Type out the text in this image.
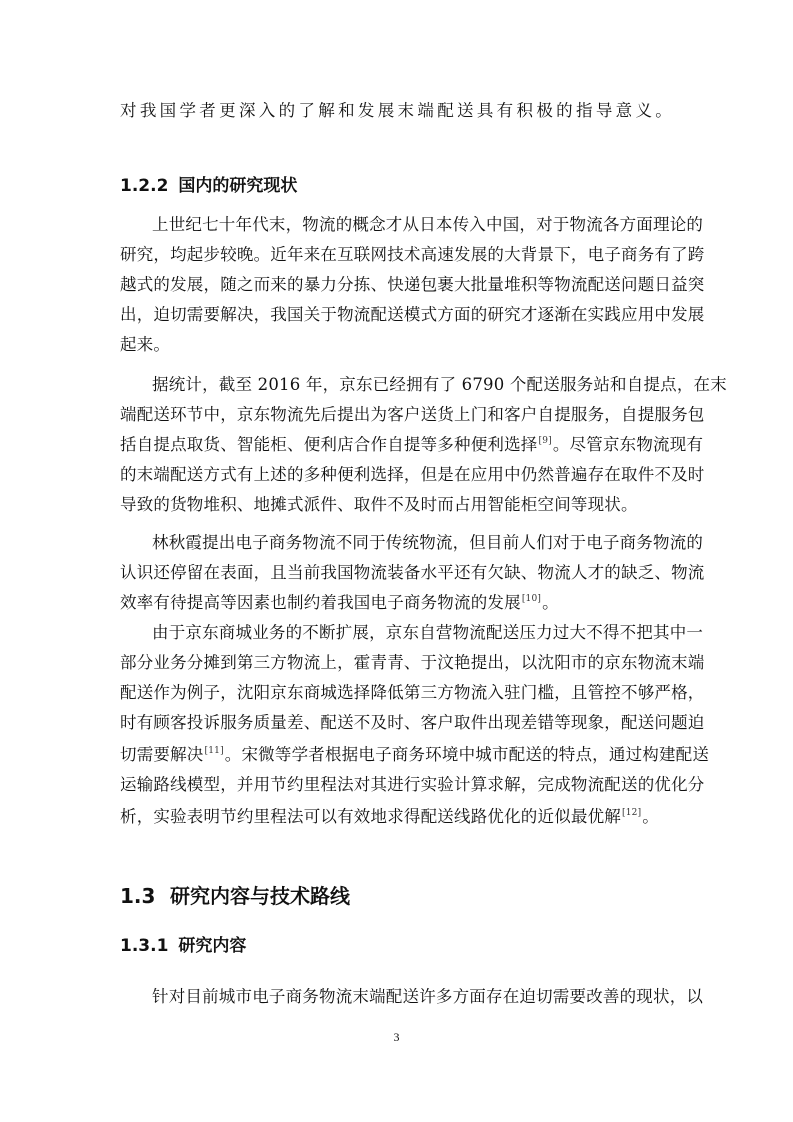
对我国学者更深入的了解和发展末端配送具有积极的指导意义。
1.2.2 国内的研究现状
上世纪七十年代末，物流的概念才从日本传入中国，对于物流各方面理论的
研究，均起步较晚。近年来在互联网技术高速发展的大背景下，电子商务有了跨
越式的发展，随之而来的暴力分拣、快递包裹大批量堆积等物流配送问题日益突
出，迫切需要解决，我国关于物流配送模式方面的研究才逐渐在实践应用中发展
起来。
据统计，截至 2016 年，京东已经拥有了 6790 个配送服务站和自提点，在末
端配送环节中，京东物流先后提出为客户送货上门和客户自提服务，自提服务包
括自提点取货、智能柜、便利店合作自提等多种便利选择[9]。尽管京东物流现有
的末端配送方式有上述的多种便利选择，但是在应用中仍然普遍存在取件不及时
导致的货物堆积、地摊式派件、取件不及时而占用智能柜空间等现状。
林秋霞提出电子商务物流不同于传统物流，但目前人们对于电子商务物流的
认识还停留在表面，且当前我国物流装备水平还有欠缺、物流人才的缺乏、物流
效率有待提高等因素也制约着我国电子商务物流的发展[10]。
由于京东商城业务的不断扩展，京东自营物流配送压力过大不得不把其中一
部分业务分摊到第三方物流上，霍青青、于汶艳提出，以沈阳市的京东物流末端
配送作为例子，沈阳京东商城选择降低第三方物流入驻门槛，且管控不够严格，
时有顾客投诉服务质量差、配送不及时、客户取件出现差错等现象，配送问题迫
切需要解决[11]。宋微等学者根据电子商务环境中城市配送的特点，通过构建配送
运输路线模型，并用节约里程法对其进行实验计算求解，完成物流配送的优化分
析，实验表明节约里程法可以有效地求得配送线路优化的近似最优解[12]。
1.3 研究内容与技术路线
1.3.1 研究内容
针对目前城市电子商务物流末端配送许多方面存在迫切需要改善的现状，以
3
